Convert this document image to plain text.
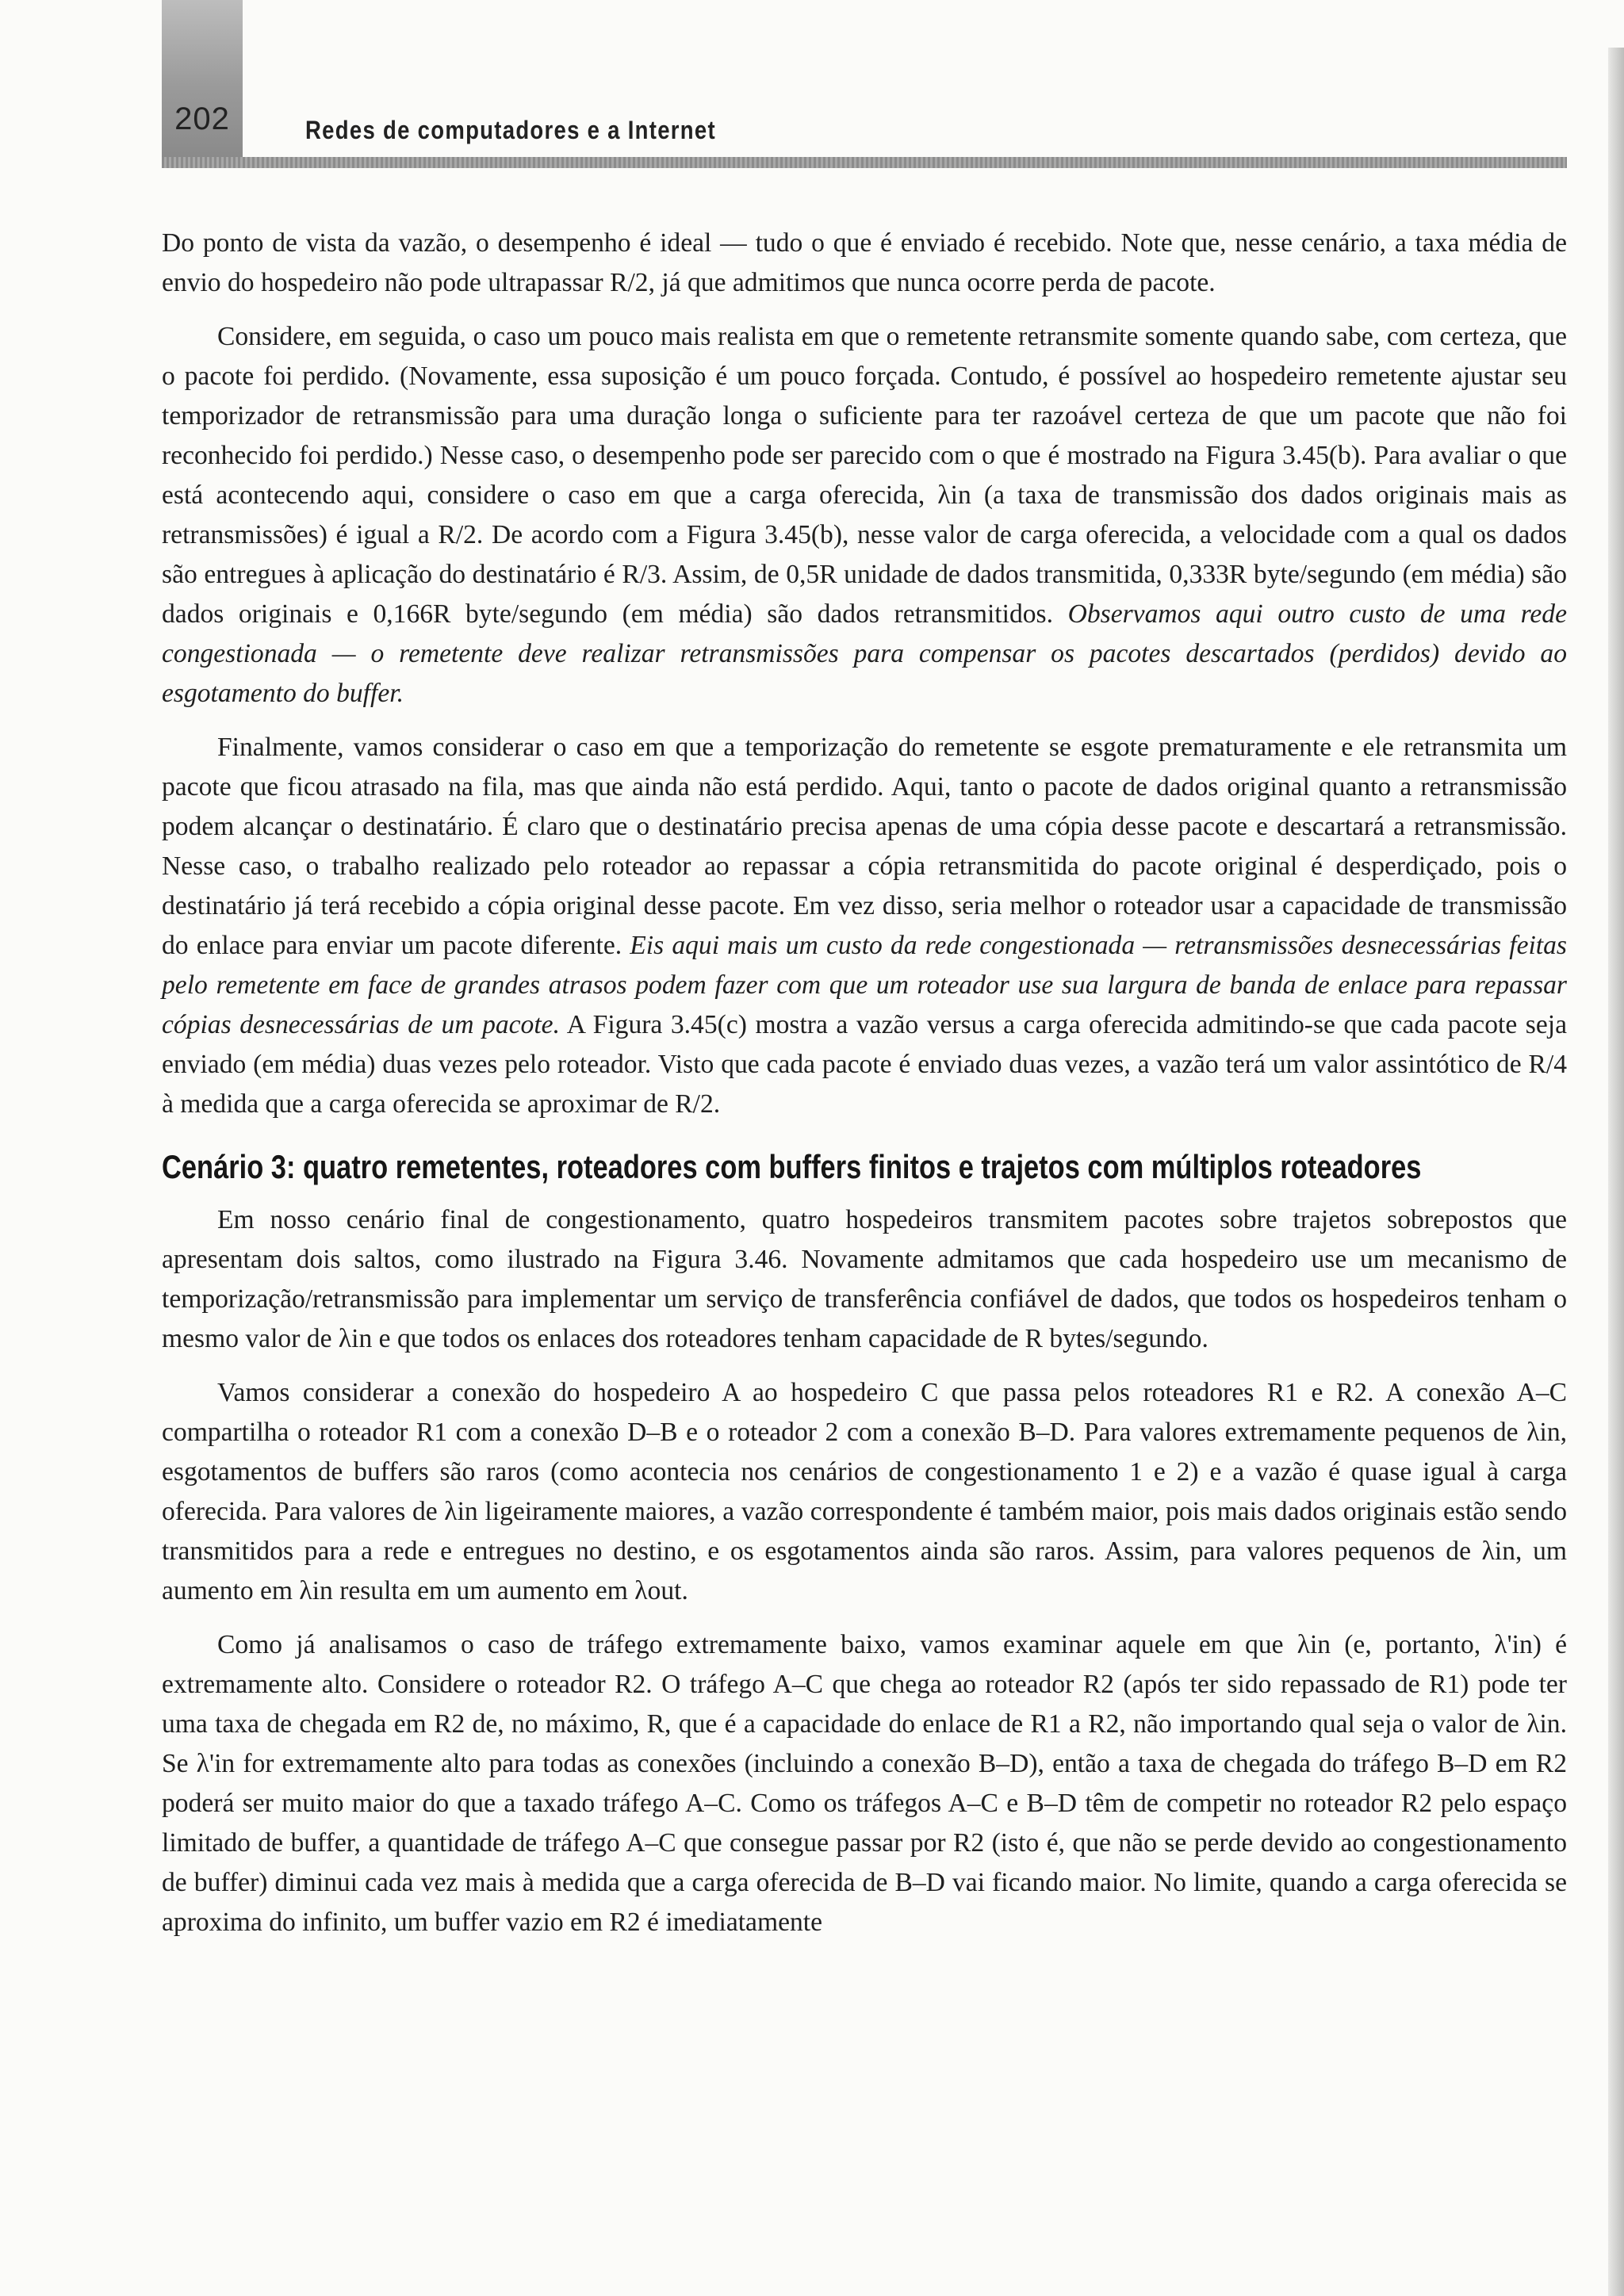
202	Redes de computadores e a Internet

Do ponto de vista da vazão, o desempenho é ideal — tudo o que é enviado é recebido. Note que, nesse cenário, a taxa média de envio do hospedeiro não pode ultrapassar R/2, já que admitimos que nunca ocorre perda de pacote.

Considere, em seguida, o caso um pouco mais realista em que o remetente retransmite somente quando sabe, com certeza, que o pacote foi perdido. (Novamente, essa suposição é um pouco forçada. Contudo, é possível ao hospedeiro remetente ajustar seu temporizador de retransmissão para uma duração longa o suficiente para ter razoável certeza de que um pacote que não foi reconhecido foi perdido.) Nesse caso, o desempenho pode ser parecido com o que é mostrado na Figura 3.45(b). Para avaliar o que está acontecendo aqui, considere o caso em que a carga oferecida, λin (a taxa de transmissão dos dados originais mais as retransmissões) é igual a R/2. De acordo com a Figura 3.45(b), nesse valor de carga oferecida, a velocidade com a qual os dados são entregues à aplicação do destinatário é R/3. Assim, de 0,5R unidade de dados transmitida, 0,333R byte/segundo (em média) são dados originais e 0,166R byte/segundo (em média) são dados retransmitidos. Observamos aqui outro custo de uma rede congestionada — o remetente deve realizar retransmissões para compensar os pacotes descartados (perdidos) devido ao esgotamento do buffer.

Finalmente, vamos considerar o caso em que a temporização do remetente se esgote prematuramente e ele retransmita um pacote que ficou atrasado na fila, mas que ainda não está perdido. Aqui, tanto o pacote de dados original quanto a retransmissão podem alcançar o destinatário. É claro que o destinatário precisa apenas de uma cópia desse pacote e descartará a retransmissão. Nesse caso, o trabalho realizado pelo roteador ao repassar a cópia retransmitida do pacote original é desperdiçado, pois o destinatário já terá recebido a cópia original desse pacote. Em vez disso, seria melhor o roteador usar a capacidade de transmissão do enlace para enviar um pacote diferente. Eis aqui mais um custo da rede congestionada — retransmissões desnecessárias feitas pelo remetente em face de grandes atrasos podem fazer com que um roteador use sua largura de banda de enlace para repassar cópias desnecessárias de um pacote. A Figura 3.45(c) mostra a vazão versus a carga oferecida admitindo-se que cada pacote seja enviado (em média) duas vezes pelo roteador. Visto que cada pacote é enviado duas vezes, a vazão terá um valor assintótico de R/4 à medida que a carga oferecida se aproximar de R/2.

Cenário 3: quatro remetentes, roteadores com buffers finitos e trajetos com múltiplos roteadores

Em nosso cenário final de congestionamento, quatro hospedeiros transmitem pacotes sobre trajetos sobrepostos que apresentam dois saltos, como ilustrado na Figura 3.46. Novamente admitamos que cada hospedeiro use um mecanismo de temporização/retransmissão para implementar um serviço de transferência confiável de dados, que todos os hospedeiros tenham o mesmo valor de λin e que todos os enlaces dos roteadores tenham capacidade de R bytes/segundo.

Vamos considerar a conexão do hospedeiro A ao hospedeiro C que passa pelos roteadores R1 e R2. A conexão A–C compartilha o roteador R1 com a conexão D–B e o roteador 2 com a conexão B–D. Para valores extremamente pequenos de λin, esgotamentos de buffers são raros (como acontecia nos cenários de congestionamento 1 e 2) e a vazão é quase igual à carga oferecida. Para valores de λin ligeiramente maiores, a vazão correspondente é também maior, pois mais dados originais estão sendo transmitidos para a rede e entregues no destino, e os esgotamentos ainda são raros. Assim, para valores pequenos de λin, um aumento em λin resulta em um aumento em λout.

Como já analisamos o caso de tráfego extremamente baixo, vamos examinar aquele em que λin (e, portanto, λ'in) é extremamente alto. Considere o roteador R2. O tráfego A–C que chega ao roteador R2 (após ter sido repassado de R1) pode ter uma taxa de chegada em R2 de, no máximo, R, que é a capacidade do enlace de R1 a R2, não importando qual seja o valor de λin. Se λ'in for extremamente alto para todas as conexões (incluindo a conexão B–D), então a taxa de chegada do tráfego B–D em R2 poderá ser muito maior do que a taxado tráfego A–C. Como os tráfegos A–C e B–D têm de competir no roteador R2 pelo espaço limitado de buffer, a quantidade de tráfego A–C que consegue passar por R2 (isto é, que não se perde devido ao congestionamento de buffer) diminui cada vez mais à medida que a carga oferecida de B–D vai ficando maior. No limite, quando a carga oferecida se aproxima do infinito, um buffer vazio em R2 é imediatamente
